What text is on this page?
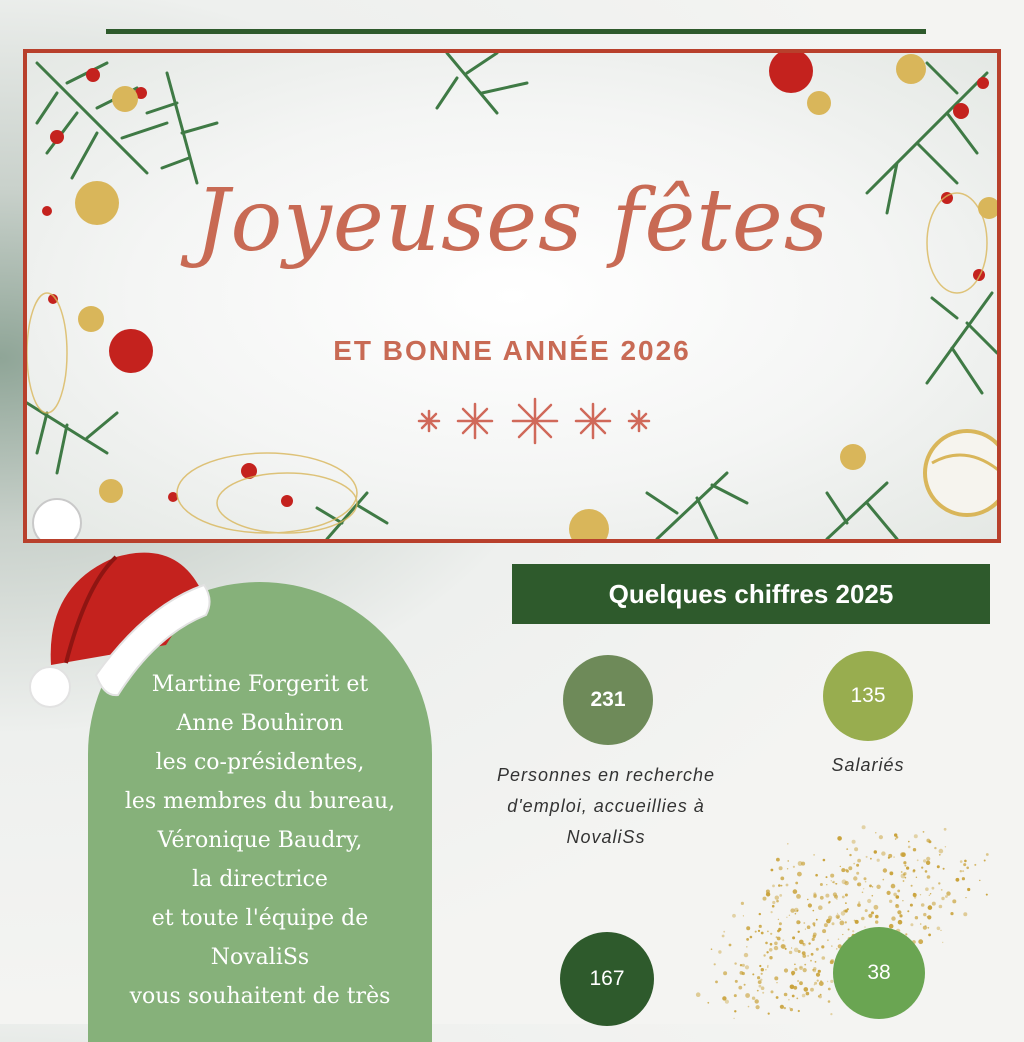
Joyeuses fêtes
ET BONNE ANNÉE 2026
Martine Forgerit et
Anne Bouhiron
les co-présidentes,
les membres du bureau,
Véronique Baudry,
la directrice
et toute l'équipe de
NovaliSs
vous souhaitent de très
Quelques chiffres 2025
231	135
167	38
Personnes en recherche d'emploi, accueillies à NovaliSs
Salariés
